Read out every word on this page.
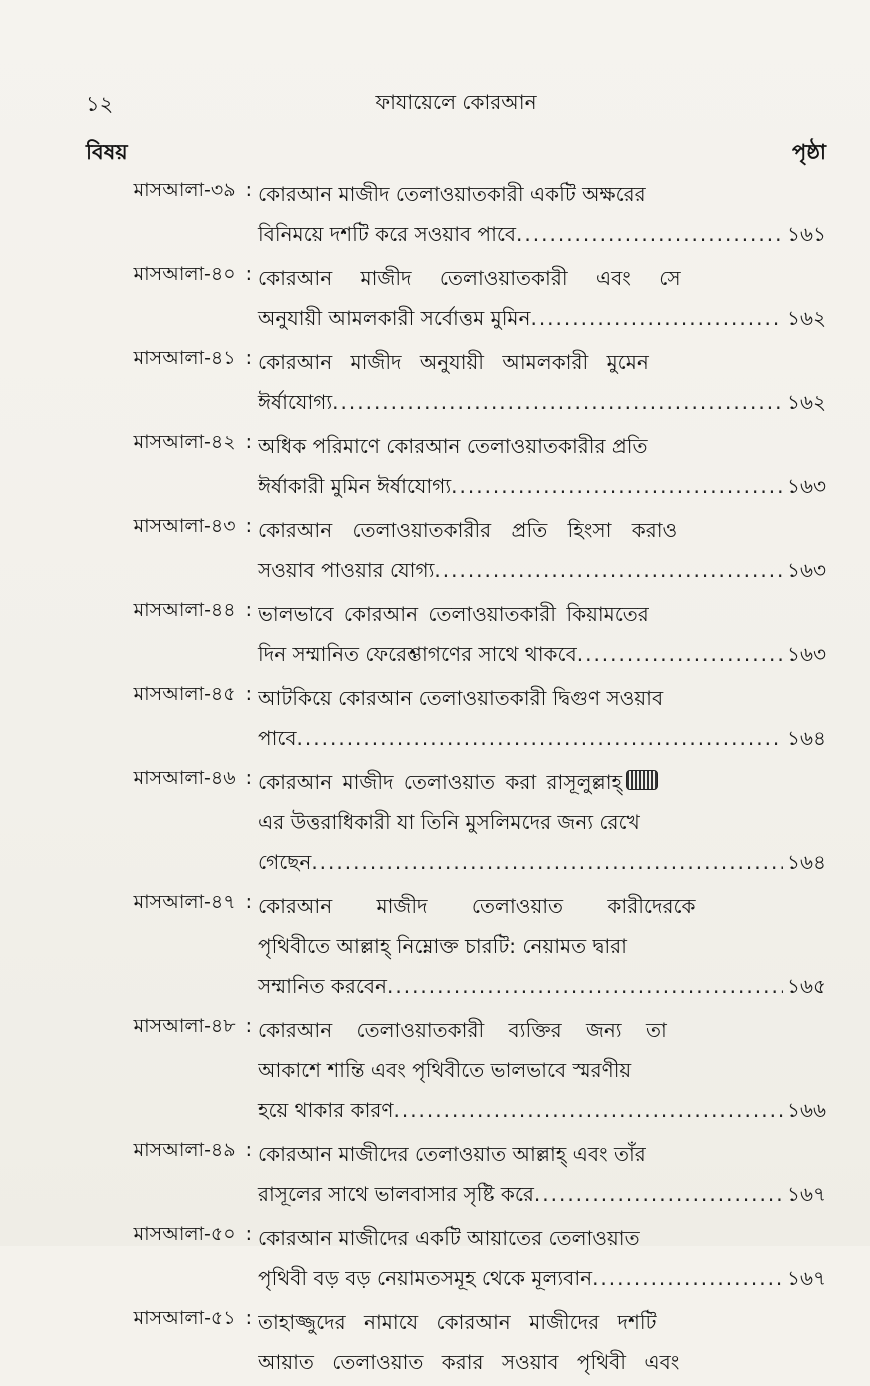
১২	ফাযায়েলে কোরআন
বিষয়	পৃষ্ঠা
মাসআলা-৩৯ : কোরআন মাজীদ তেলাওয়াতকারী একটি অক্ষরের
বিনিময়ে দশটি করে সওয়াব পাবে .....	১৬১
মাসআলা-৪০ : কোরআন মাজীদ তেলাওয়াতকারী এবং সে
অনুযায়ী আমলকারী সর্বোত্তম মুমিন .....	১৬২
মাসআলা-৪১ : কোরআন মাজীদ অনুযায়ী আমলকারী মুমেন
ঈর্ষাযোগ্য .....	১৬২
মাসআলা-৪২ : অধিক পরিমাণে কোরআন তেলাওয়াতকারীর প্রতি
ঈর্ষাকারী মুমিন ঈর্ষাযোগ্য .....	১৬৩
মাসআলা-৪৩ : কোরআন তেলাওয়াতকারীর প্রতি হিংসা করাও
সওয়াব পাওয়ার যোগ্য .....	১৬৩
মাসআলা-৪৪ : ভালভাবে কোরআন তেলাওয়াতকারী কিয়ামতের
দিন সম্মানিত ফেরেশ্তাগণের সাথে থাকবে .....	১৬৩
মাসআলা-৪৫ : আটকিয়ে কোরআন তেলাওয়াতকারী দ্বিগুণ সওয়াব
পাবে .....	১৬৪
মাসআলা-৪৬ : কোরআন মাজীদ তেলাওয়াত করা রাসূলুল্লাহ্
এর উত্তরাধিকারী যা তিনি মুসলিমদের জন্য রেখে
গেছেন .....	১৬৪
মাসআলা-৪৭ : কোরআন মাজীদ তেলাওয়াত কারীদেরকে
পৃথিবীতে আল্লাহ্ নিম্নোক্ত চারটি: নেয়ামত দ্বারা
সম্মানিত করবেন .....	১৬৫
মাসআলা-৪৮ : কোরআন তেলাওয়াতকারী ব্যক্তির জন্য তা
আকাশে শান্তি এবং পৃথিবীতে ভালভাবে স্মরণীয়
হয়ে থাকার কারণ .....	১৬৬
মাসআলা-৪৯ : কোরআন মাজীদের তেলাওয়াত আল্লাহ্ এবং তাঁর
রাসূলের সাথে ভালবাসার সৃষ্টি করে .....	১৬৭
মাসআলা-৫০ : কোরআন মাজীদের একটি আয়াতের তেলাওয়াত
পৃথিবী বড় বড় নেয়ামতসমূহ থেকে মূল্যবান .....	১৬৭
মাসআলা-৫১ : তাহাজ্জুদের নামাযে কোরআন মাজীদের দশটি
আয়াত তেলাওয়াত করার সওয়াব পৃথিবী এবং
